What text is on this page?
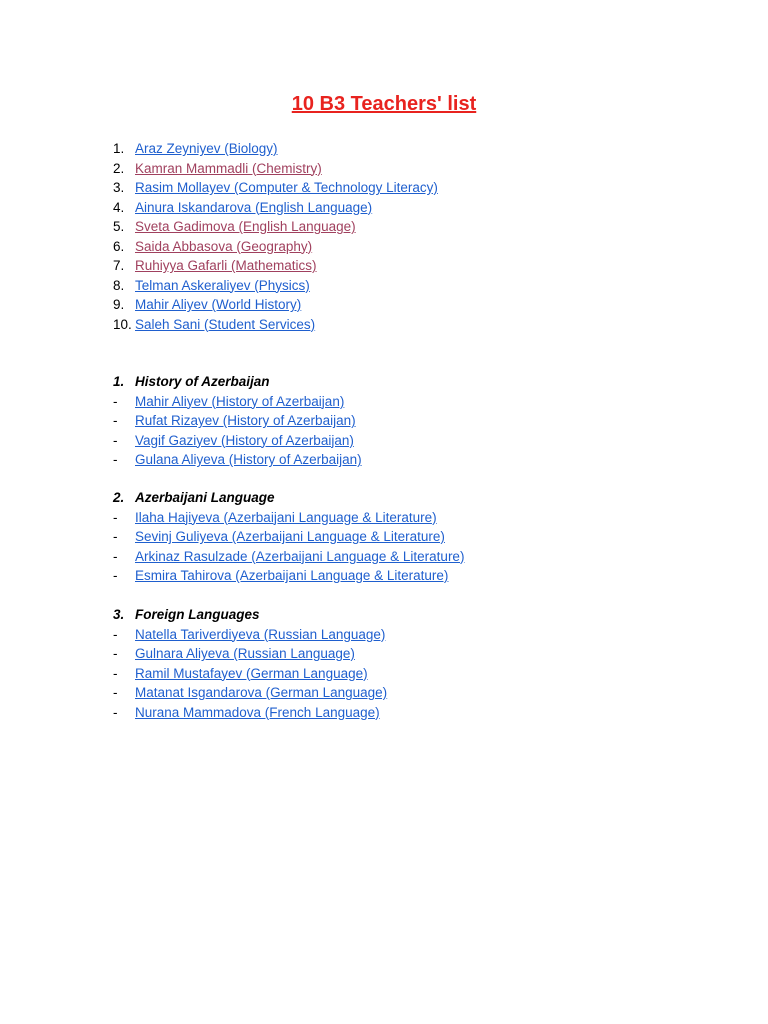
10 B3 Teachers' list
1. Araz Zeyniyev (Biology)
2. Kamran Mammadli (Chemistry)
3. Rasim Mollayev (Computer & Technology Literacy)
4. Ainura Iskandarova (English Language)
5. Sveta Gadimova (English Language)
6. Saida Abbasova (Geography)
7. Ruhiyya Gafarli (Mathematics)
8. Telman Askeraliyev (Physics)
9. Mahir Aliyev (World History)
10. Saleh Sani (Student Services)
1. History of Azerbaijan
- Mahir Aliyev (History of Azerbaijan)
- Rufat Rizayev (History of Azerbaijan)
- Vagif Gaziyev (History of Azerbaijan)
- Gulana Aliyeva (History of Azerbaijan)
2. Azerbaijani Language
- Ilaha Hajiyeva (Azerbaijani Language & Literature)
- Sevinj Guliyeva (Azerbaijani Language & Literature)
- Arkinaz Rasulzade (Azerbaijani Language & Literature)
- Esmira Tahirova (Azerbaijani Language & Literature)
3. Foreign Languages
- Natella Tariverdiyeva (Russian Language)
- Gulnara Aliyeva (Russian Language)
- Ramil Mustafayev (German Language)
- Matanat Isgandarova (German Language)
- Nurana Mammadova (French Language)
